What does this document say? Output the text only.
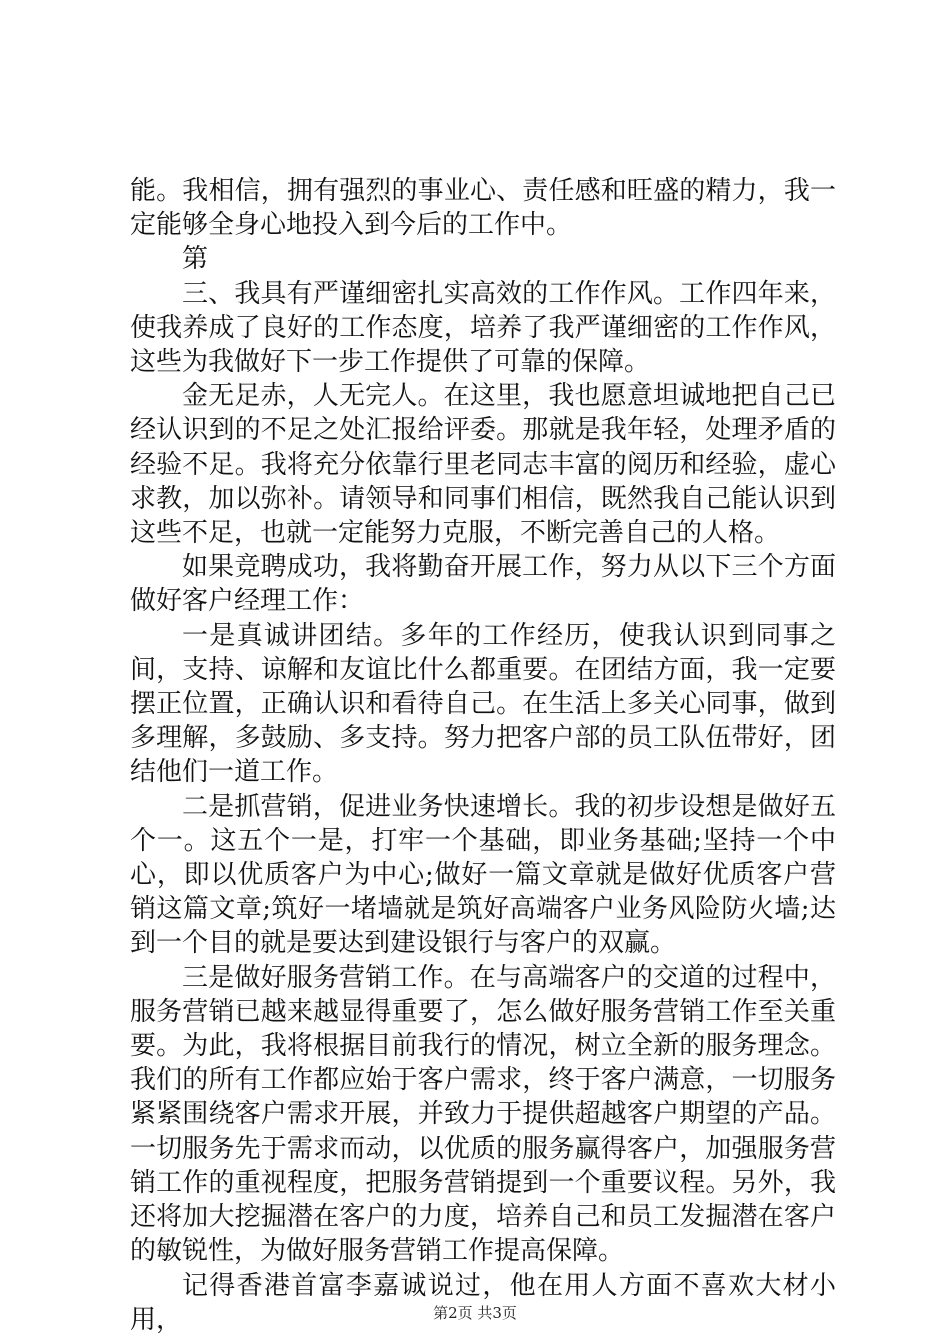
能。我相信，拥有强烈的事业心、责任感和旺盛的精力，我一定能够全身心地投入到今后的工作中。

第

三、我具有严谨细密扎实高效的工作作风。工作四年来，使我养成了良好的工作态度，培养了我严谨细密的工作作风，这些为我做好下一步工作提供了可靠的保障。

金无足赤，人无完人。在这里，我也愿意坦诚地把自己已经认识到的不足之处汇报给评委。那就是我年轻，处理矛盾的经验不足。我将充分依靠行里老同志丰富的阅历和经验，虚心求教，加以弥补。请领导和同事们相信，既然我自己能认识到这些不足，也就一定能努力克服，不断完善自己的人格。

如果竞聘成功，我将勤奋开展工作，努力从以下三个方面做好客户经理工作：

一是真诚讲团结。多年的工作经历，使我认识到同事之间，支持、谅解和友谊比什么都重要。在团结方面，我一定要摆正位置，正确认识和看待自己。在生活上多关心同事，做到多理解，多鼓励、多支持。努力把客户部的员工队伍带好，团结他们一道工作。

二是抓营销，促进业务快速增长。我的初步设想是做好五个一。这五个一是，打牢一个基础，即业务基础;坚持一个中心，即以优质客户为中心;做好一篇文章就是做好优质客户营销这篇文章;筑好一堵墙就是筑好高端客户业务风险防火墙;达到一个目的就是要达到建设银行与客户的双赢。

三是做好服务营销工作。在与高端客户的交道的过程中，服务营销已越来越显得重要了，怎么做好服务营销工作至关重要。为此，我将根据目前我行的情况，树立全新的服务理念。我们的所有工作都应始于客户需求，终于客户满意，一切服务紧紧围绕客户需求开展，并致力于提供超越客户期望的产品。一切服务先于需求而动，以优质的服务赢得客户，加强服务营销工作的重视程度，把服务营销提到一个重要议程。另外，我还将加大挖掘潜在客户的力度，培养自己和员工发掘潜在客户的敏锐性，为做好服务营销工作提高保障。

记得香港首富李嘉诚说过，他在用人方面不喜欢大材小用，	第2页 共3页
